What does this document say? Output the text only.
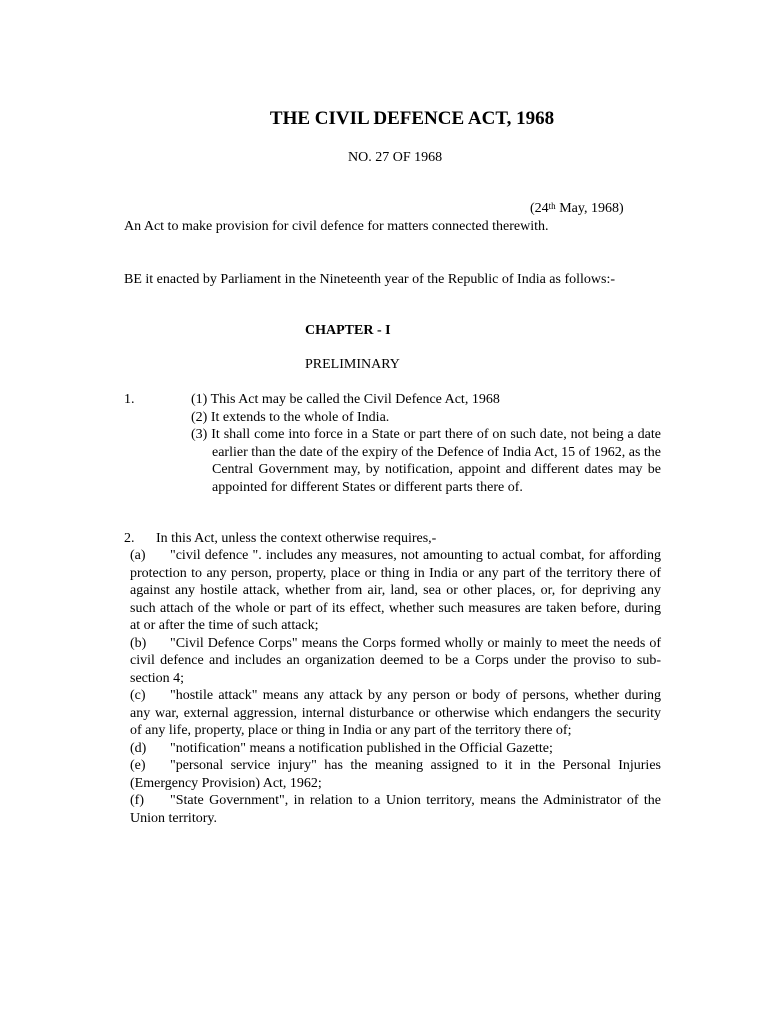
THE CIVIL DEFENCE ACT, 1968
NO. 27 OF 1968
(24th May, 1968)
An Act to make provision for civil defence for matters connected therewith.
BE it enacted by Parliament in the Nineteenth year of the Republic of India as follows:-
CHAPTER - I
PRELIMINARY
1.	(1) This Act may be called the Civil Defence Act, 1968
(2) It extends to the whole of India.
(3) It shall come into force in a State or part there of on such date, not being a date earlier than the date of the expiry of the Defence of India Act, 15 of 1962, as the Central Government may, by notification, appoint and different dates may be appointed for different States or different parts there of.
2. In this Act, unless the context otherwise requires,-
(a) "civil defence ". includes any measures, not amounting to actual combat, for affording protection to any person, property, place or thing in India or any part of the territory there of against any hostile attack, whether from air, land, sea or other places, or, for depriving any such attach of the whole or part of its effect, whether such measures are taken before, during at or after the time of such attack;
(b) "Civil Defence Corps" means the Corps formed wholly or mainly to meet the needs of civil defence and includes an organization deemed to be a Corps under the proviso to sub-section 4;
(c) "hostile attack" means any attack by any person or body of persons, whether during any war, external aggression, internal disturbance or otherwise which endangers the security of any life, property, place or thing in India or any part of the territory there of;
(d) "notification" means a notification published in the Official Gazette;
(e) "personal service injury" has the meaning assigned to it in the Personal Injuries (Emergency Provision) Act, 1962;
(f) "State Government", in relation to a Union territory, means the Administrator of the Union territory.
